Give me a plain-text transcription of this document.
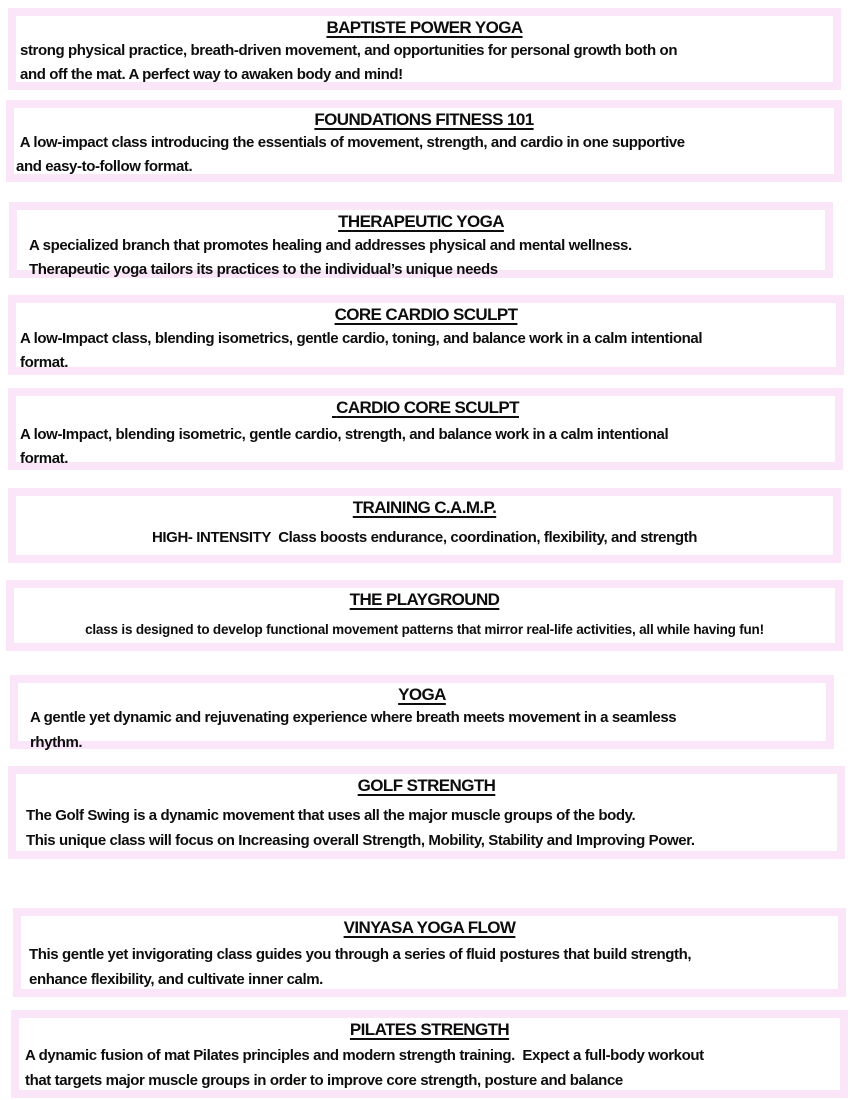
BAPTISTE POWER YOGA
strong physical practice, breath-driven movement, and opportunities for personal growth both on
and off the mat. A perfect way to awaken body and mind!
FOUNDATIONS FITNESS 101
A low-impact class introducing the essentials of movement, strength, and cardio in one supportive
and easy-to-follow format.
THERAPEUTIC YOGA
A specialized branch that promotes healing and addresses physical and mental wellness.
Therapeutic yoga tailors its practices to the individual’s unique needs
CORE CARDIO SCULPT
A low-Impact class, blending isometrics, gentle cardio, toning, and balance work in a calm intentional
format.
CARDIO CORE SCULPT
A low-Impact, blending isometric, gentle cardio, strength, and balance work in a calm intentional
format.
TRAINING C.A.M.P.
HIGH- INTENSITY  Class boosts endurance, coordination, flexibility, and strength
THE PLAYGROUND
class is designed to develop functional movement patterns that mirror real-life activities, all while having fun!
YOGA
A gentle yet dynamic and rejuvenating experience where breath meets movement in a seamless
rhythm.
GOLF STRENGTH
The Golf Swing is a dynamic movement that uses all the major muscle groups of the body.
This unique class will focus on Increasing overall Strength, Mobility, Stability and Improving Power.
VINYASA YOGA FLOW
This gentle yet invigorating class guides you through a series of fluid postures that build strength,
enhance flexibility, and cultivate inner calm.
PILATES STRENGTH
A dynamic fusion of mat Pilates principles and modern strength training.  Expect a full-body workout
that targets major muscle groups in order to improve core strength, posture and balance
